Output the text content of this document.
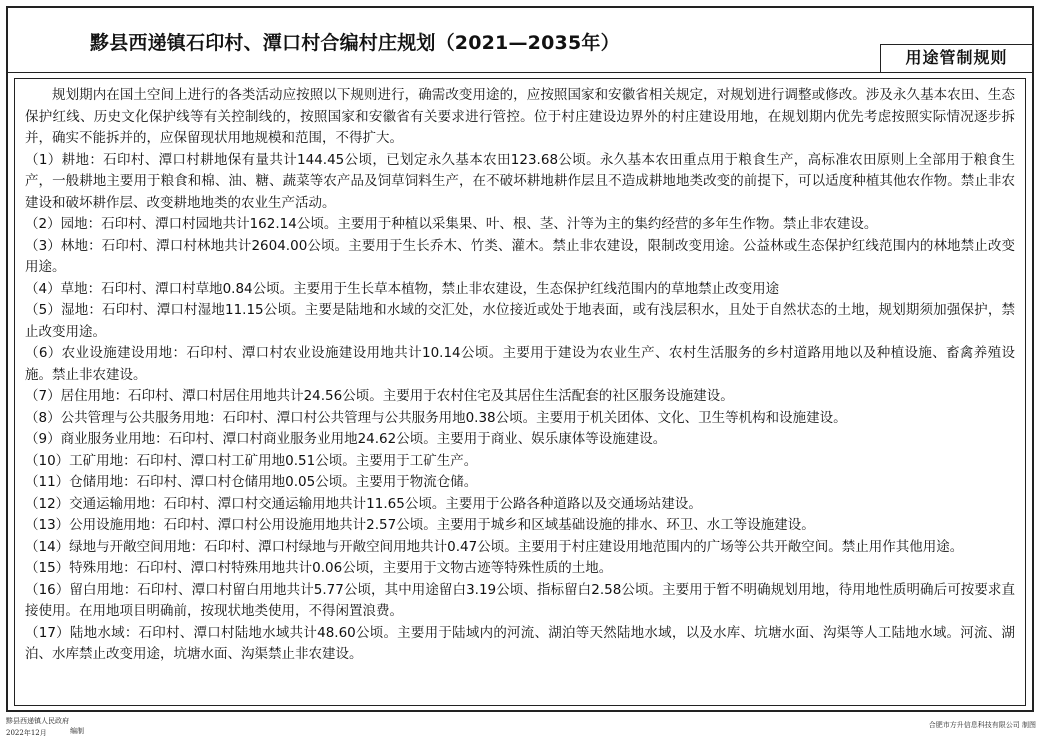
黟县西递镇石印村、潭口村合编村庄规划（2021—2035年）
用途管制规则

规划期内在国土空间上进行的各类活动应按照以下规则进行，确需改变用途的，应按照国家和安徽省相关规定，对规划进行调整或修改。涉及永久基本农田、生态保护红线、历史文化保护线等有关控制线的，按照国家和安徽省有关要求进行管控。位于村庄建设边界外的村庄建设用地，在规划期内优先考虑按照实际情况逐步拆并，确实不能拆并的，应保留现状用地规模和范围，不得扩大。

（1）耕地：石印村、潭口村耕地保有量共计144.45公顷，已划定永久基本农田123.68公顷。永久基本农田重点用于粮食生产，高标准农田原则上全部用于粮食生产，一般耕地主要用于粮食和棉、油、糖、蔬菜等农产品及饲草饲料生产，在不破坏耕地耕作层且不造成耕地地类改变的前提下，可以适度种植其他农作物。禁止非农建设和破坏耕作层、改变耕地地类的农业生产活动。

（2）园地：石印村、潭口村园地共计162.14公顷。主要用于种植以采集果、叶、根、茎、汁等为主的集约经营的多年生作物。禁止非农建设。

（3）林地：石印村、潭口村林地共计2604.00公顷。主要用于生长乔木、竹类、灌木。禁止非农建设，限制改变用途。公益林或生态保护红线范围内的林地禁止改变用途。

（4）草地：石印村、潭口村草地0.84公顷。主要用于生长草本植物，禁止非农建设，生态保护红线范围内的草地禁止改变用途

（5）湿地：石印村、潭口村湿地11.15公顷。主要是陆地和水域的交汇处，水位接近或处于地表面，或有浅层积水，且处于自然状态的土地，规划期须加强保护，禁止改变用途。

（6）农业设施建设用地：石印村、潭口村农业设施建设用地共计10.14公顷。主要用于建设为农业生产、农村生活服务的乡村道路用地以及种植设施、畜禽养殖设施。禁止非农建设。

（7）居住用地：石印村、潭口村居住用地共计24.56公顷。主要用于农村住宅及其居住生活配套的社区服务设施建设。

（8）公共管理与公共服务用地：石印村、潭口村公共管理与公共服务用地0.38公顷。主要用于机关团体、文化、卫生等机构和设施建设。

（9）商业服务业用地：石印村、潭口村商业服务业用地24.62公顷。主要用于商业、娱乐康体等设施建设。

（10）工矿用地：石印村、潭口村工矿用地0.51公顷。主要用于工矿生产。

（11）仓储用地：石印村、潭口村仓储用地0.05公顷。主要用于物流仓储。

（12）交通运输用地：石印村、潭口村交通运输用地共计11.65公顷。主要用于公路各种道路以及交通场站建设。

（13）公用设施用地：石印村、潭口村公用设施用地共计2.57公顷。主要用于城乡和区域基础设施的排水、环卫、水工等设施建设。

（14）绿地与开敞空间用地：石印村、潭口村绿地与开敞空间用地共计0.47公顷。主要用于村庄建设用地范围内的广场等公共开敞空间。禁止用作其他用途。

（15）特殊用地：石印村、潭口村特殊用地共计0.06公顷，主要用于文物古迹等特殊性质的土地。

（16）留白用地：石印村、潭口村留白用地共计5.77公顷，其中用途留白3.19公顷、指标留白2.58公顷。主要用于暂不明确规划用地，待用地性质明确后可按要求直接使用。在用地项目明确前，按现状地类使用，不得闲置浪费。

（17）陆地水域：石印村、潭口村陆地水域共计48.60公顷。主要用于陆域内的河流、湖泊等天然陆地水域，以及水库、坑塘水面、沟渠等人工陆地水域。河流、湖泊、水库禁止改变用途，坑塘水面、沟渠禁止非农建设。

黟县西递镇人民政府
2022年12月	编制
合肥市方升信息科技有限公司 制图
